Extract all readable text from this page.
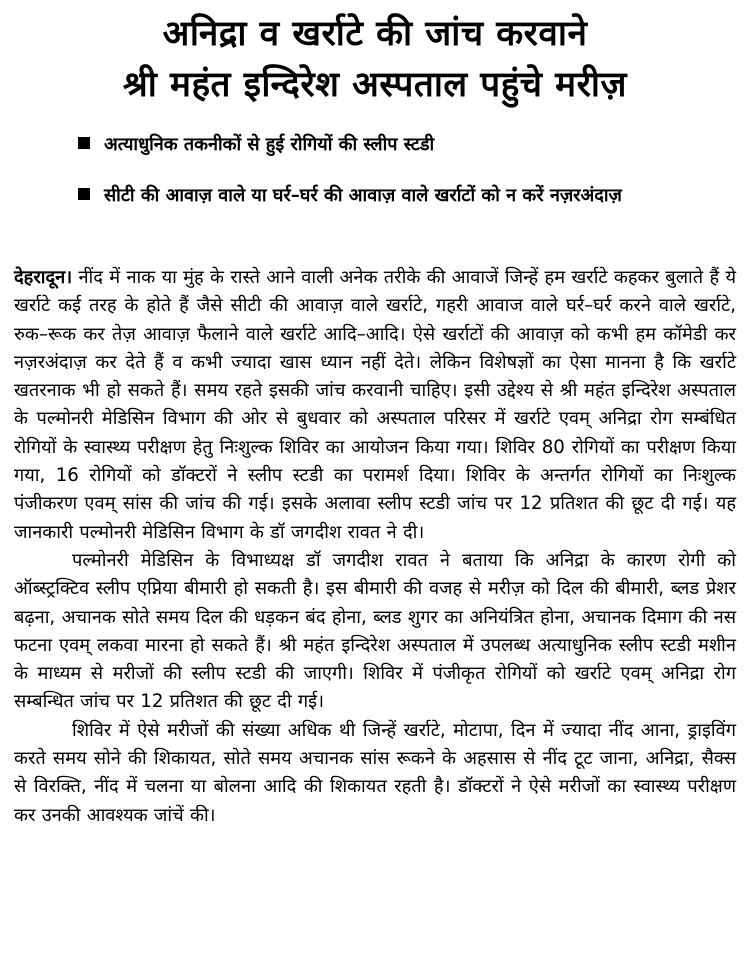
अनिद्रा व खर्राटे की जांच करवाने
श्री महंत इन्दिरेश अस्पताल पहुंचे मरीज़
अत्याधुनिक तकनीकों से हुई रोगियों की स्लीप स्टडी
सीटी की आवाज़ वाले या घर्र–घर्र की आवाज़ वाले खर्राटों को न करें नज़रअंदाज़

देहरादून। नींद में नाक या मुंह के रास्ते आने वाली अनेक तरीके की आवाजें जिन्हें हम खर्राटे कहकर बुलाते हैं ये खर्राटे कई तरह के होते हैं जैसे सीटी की आवाज़ वाले खर्राटे, गहरी आवाज वाले घर्र–घर्र करने वाले खर्राटे, रुक–रूक कर तेज़ आवाज़ फैलाने वाले खर्राटे आदि–आदि। ऐसे खर्राटों की आवाज़ को कभी हम कॉमेडी कर नज़रअंदाज़ कर देते हैं व कभी ज्यादा खास ध्यान नहीं देते। लेकिन विशेषज्ञों का ऐसा मानना है कि खर्राटे खतरनाक भी हो सकते हैं। समय रहते इसकी जांच करवानी चाहिए। इसी उद्देश्य से श्री महंत इन्दिरेश अस्पताल के पल्मोनरी मेडिसिन विभाग की ओर से बुधवार को अस्पताल परिसर में खर्राटे एवम् अनिद्रा रोग सम्बंधित रोगियों के स्वास्थ्य परीक्षण हेतु निःशुल्क शिविर का आयोजन किया गया। शिविर 80 रोगियों का परीक्षण किया गया, 16 रोगियों को डॉक्टरों ने स्लीप स्टडी का परामर्श दिया। शिविर के अन्तर्गत रोगियों का निःशुल्क पंजीकरण एवम् सांस की जांच की गई। इसके अलावा स्लीप स्टडी जांच पर 12 प्रतिशत की छूट दी गई। यह जानकारी पल्मोनरी मेडिसिन विभाग के डॉ जगदीश रावत ने दी।

पल्मोनरी मेडिसिन के विभाध्यक्ष डॉ जगदीश रावत ने बताया कि अनिद्रा के कारण रोगी को ऑब्स्ट्रक्टिव स्लीप एप्निया बीमारी हो सकती है। इस बीमारी की वजह से मरीज़ को दिल की बीमारी, ब्लड प्रेशर बढ़ना, अचानक सोते समय दिल की धड़कन बंद होना, ब्लड शुगर का अनियंत्रित होना, अचानक दिमाग की नस फटना एवम् लकवा मारना हो सकते हैं। श्री महंत इन्दिरेश अस्पताल में उपलब्ध अत्याधुनिक स्लीप स्टडी मशीन के माध्यम से मरीजों की स्लीप स्टडी की जाएगी। शिविर में पंजीकृत रोगियों को खर्राटे एवम् अनिद्रा रोग सम्बन्धित जांच पर 12 प्रतिशत की छूट दी गई।

शिविर में ऐसे मरीजों की संख्या अधिक थी जिन्हें खर्राटे, मोटापा, दिन में ज्यादा नींद आना, ड्राइविंग करते समय सोने की शिकायत, सोते समय अचानक सांस रूकने के अहसास से नींद टूट जाना, अनिद्रा, सैक्स से विरक्ति, नींद में चलना या बोलना आदि की शिकायत रहती है। डॉक्टरों ने ऐसे मरीजों का स्वास्थ्य परीक्षण कर उनकी आवश्यक जांचें की।
